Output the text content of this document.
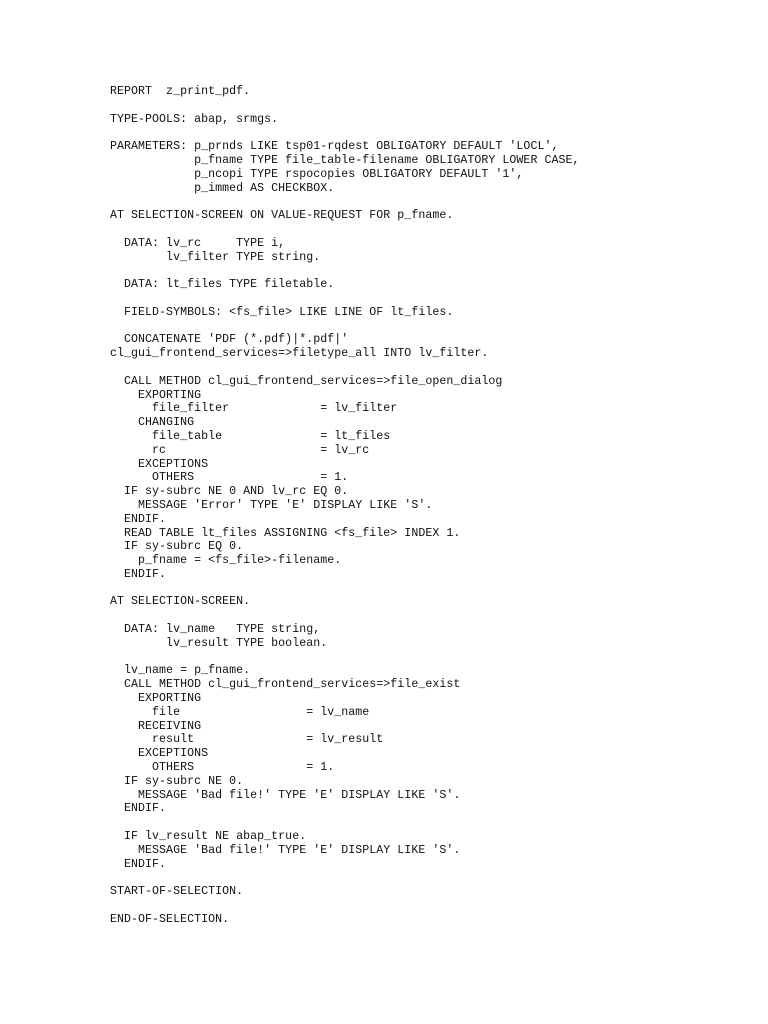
REPORT  z_print_pdf.
TYPE-POOLS: abap, srmgs.
PARAMETERS: p_prnds LIKE tsp01-rqdest OBLIGATORY DEFAULT 'LOCL',
p_fname TYPE file_table-filename OBLIGATORY LOWER CASE,
p_ncopi TYPE rspocopies OBLIGATORY DEFAULT '1',
p_immed AS CHECKBOX.
AT SELECTION-SCREEN ON VALUE-REQUEST FOR p_fname.
DATA: lv_rc     TYPE i,
lv_filter TYPE string.
DATA: lt_files TYPE filetable.
FIELD-SYMBOLS: <fs_file> LIKE LINE OF lt_files.
CONCATENATE 'PDF (*.pdf)|*.pdf|'
cl_gui_frontend_services=>filetype_all INTO lv_filter.
CALL METHOD cl_gui_frontend_services=>file_open_dialog
EXPORTING
file_filter             = lv_filter
CHANGING
file_table              = lt_files
rc                      = lv_rc
EXCEPTIONS
OTHERS                  = 1.
IF sy-subrc NE 0 AND lv_rc EQ 0.
MESSAGE 'Error' TYPE 'E' DISPLAY LIKE 'S'.
ENDIF.
READ TABLE lt_files ASSIGNING <fs_file> INDEX 1.
IF sy-subrc EQ 0.
p_fname = <fs_file>-filename.
ENDIF.
AT SELECTION-SCREEN.
DATA: lv_name   TYPE string,
lv_result TYPE boolean.
lv_name = p_fname.
CALL METHOD cl_gui_frontend_services=>file_exist
EXPORTING
file                  = lv_name
RECEIVING
result                = lv_result
EXCEPTIONS
OTHERS                = 1.
IF sy-subrc NE 0.
MESSAGE 'Bad file!' TYPE 'E' DISPLAY LIKE 'S'.
ENDIF.
IF lv_result NE abap_true.
MESSAGE 'Bad file!' TYPE 'E' DISPLAY LIKE 'S'.
ENDIF.
START-OF-SELECTION.
END-OF-SELECTION.
